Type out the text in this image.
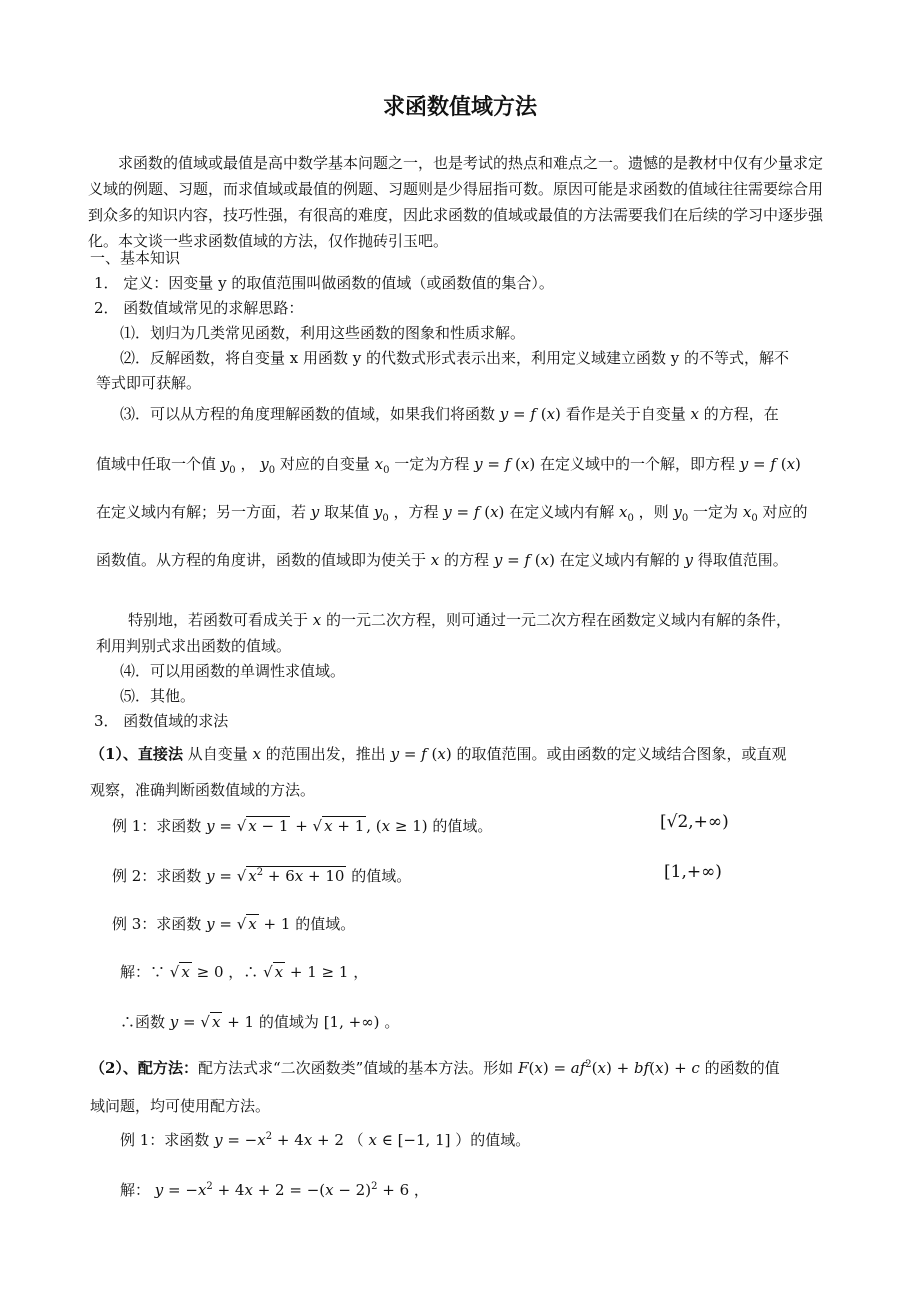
求函数值域方法

求函数的值域或最值是高中数学基本问题之一，也是考试的热点和难点之一。遗憾的是教材中仅有少量求定义域的例题、习题，而求值域或最值的例题、习题则是少得屈指可数。原因可能是求函数的值域往往需要综合用到众多的知识内容，技巧性强，有很高的难度，因此求函数的值域或最值的方法需要我们在后续的学习中逐步强化。本文谈一些求函数值域的方法，仅作抛砖引玉吧。

一、基本知识
1． 定义：因变量 y 的取值范围叫做函数的值域（或函数值的集合）。
2． 函数值域常见的求解思路：
⑴．划归为几类常见函数，利用这些函数的图象和性质求解。
⑵．反解函数，将自变量 x 用函数 y 的代数式形式表示出来，利用定义域建立函数 y 的不等式，解不
等式即可获解。
⑶．可以从方程的角度理解函数的值域，如果我们将函数 y = f (x) 看作是关于自变量 x 的方程，在
值域中任取一个值 $y_0$ ， $y_0$ 对应的自变量 $x_0$ 一定为方程 y = f (x) 在定义域中的一个解，即方程 y = f (x)
在定义域内有解；另一方面，若 y 取某值 $y_0$ ，方程 y = f (x) 在定义域内有解 $x_0$ ，则 $y_0$ 一定为 $x_0$ 对应的
函数值。从方程的角度讲，函数的值域即为使关于 x 的方程 y = f (x) 在定义域内有解的 y 得取值范围。
特别地，若函数可看成关于 x 的一元二次方程，则可通过一元二次方程在函数定义域内有解的条件，
利用判别式求出函数的值域。
⑷．可以用函数的单调性求值域。
⑸．其他。
3． 函数值域的求法
（1）、直接法 从自变量 x 的范围出发，推出 y = f (x) 的取值范围。或由函数的定义域结合图象，或直观
观察，准确判断函数值域的方法。
例 1：求函数 y = √ x − 1 + √ x + 1 , (x ≥ 1) 的值域。	[√2,+∞)
例 2：求函数 y = √ $x^2 + 6x + 10$ 的值域。	[1,+∞)
例 3：求函数 y = √ x + 1 的值域。
解：∵ √ x ≥ 0 ，∴ √ x + 1 ≥ 1 ，
∴函数 y = √ x + 1 的值域为 [1, +∞) 。
（2）、配方法：配方法式求“二次函数类”值域的基本方法。形如 $F(x) = af^2(x) + bf(x) + c$ 的函数的值
域问题，均可使用配方法。
例 1：求函数 $y = -x^2 + 4x + 2$ （ x ∈ [−1, 1] ）的值域。
解： $y = -x^2 + 4x + 2 = -(x - 2)^2 + 6$ ，
